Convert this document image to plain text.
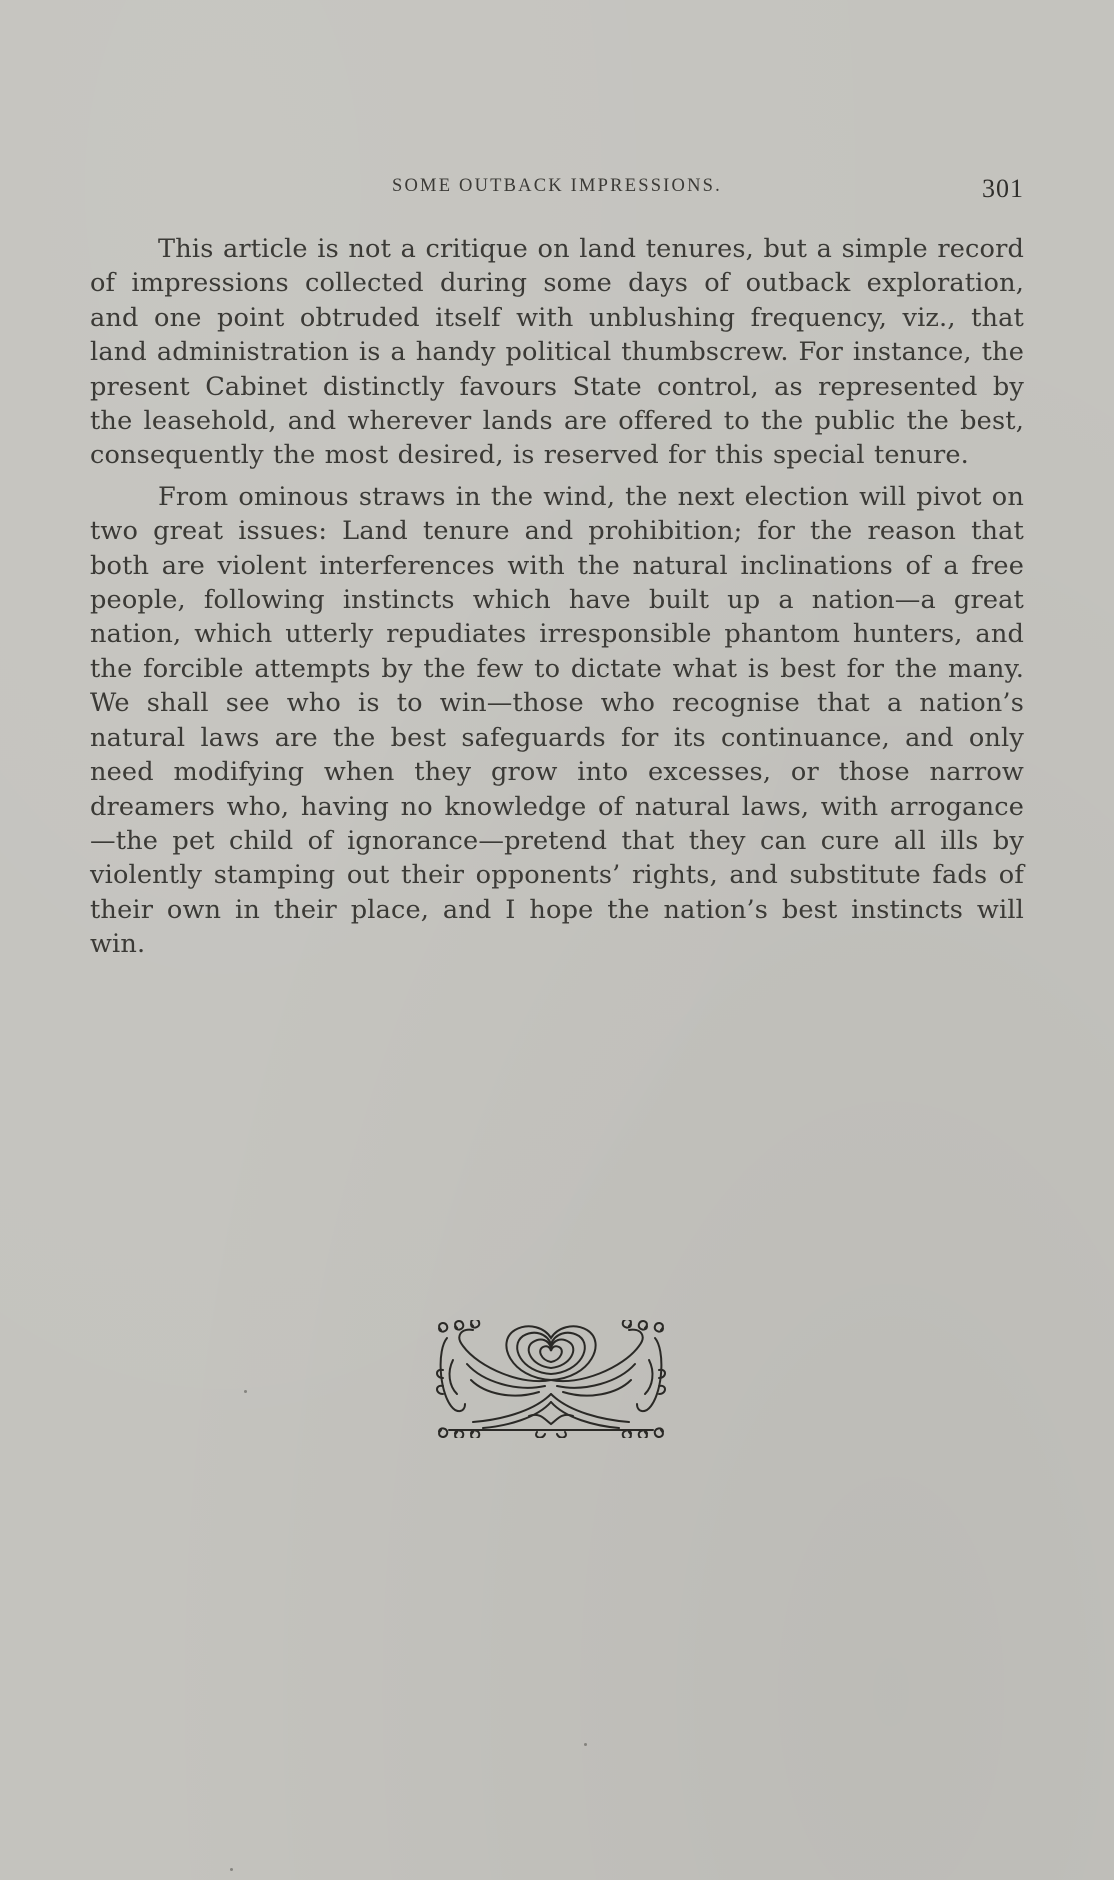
SOME OUTBACK IMPRESSIONS.	301

This article is not a critique on land tenures, but a simple record of impressions collected during some days of outback exploration, and one point obtruded itself with unblushing frequency, viz., that land administration is a handy political thumbscrew. For instance, the present Cabinet distinctly favours State control, as represented by the leasehold, and wherever lands are offered to the public the best, consequently the most desired, is reserved for this special tenure.

From ominous straws in the wind, the next election will pivot on two great issues: Land tenure and prohibition; for the reason that both are violent interferences with the natural inclinations of a free people, following instincts which have built up a nation—a great nation, which utterly repudiates irresponsible phantom hunters, and the forcible attempts by the few to dictate what is best for the many. We shall see who is to win—those who recognise that a nation’s natural laws are the best safeguards for its continuance, and only need modifying when they grow into excesses, or those narrow dreamers who, having no knowledge of natural laws, with arrogance—the pet child of ignorance—pretend that they can cure all ills by violently stamping out their opponents’ rights, and substitute fads of their own in their place, and I hope the nation’s best instincts will win.
